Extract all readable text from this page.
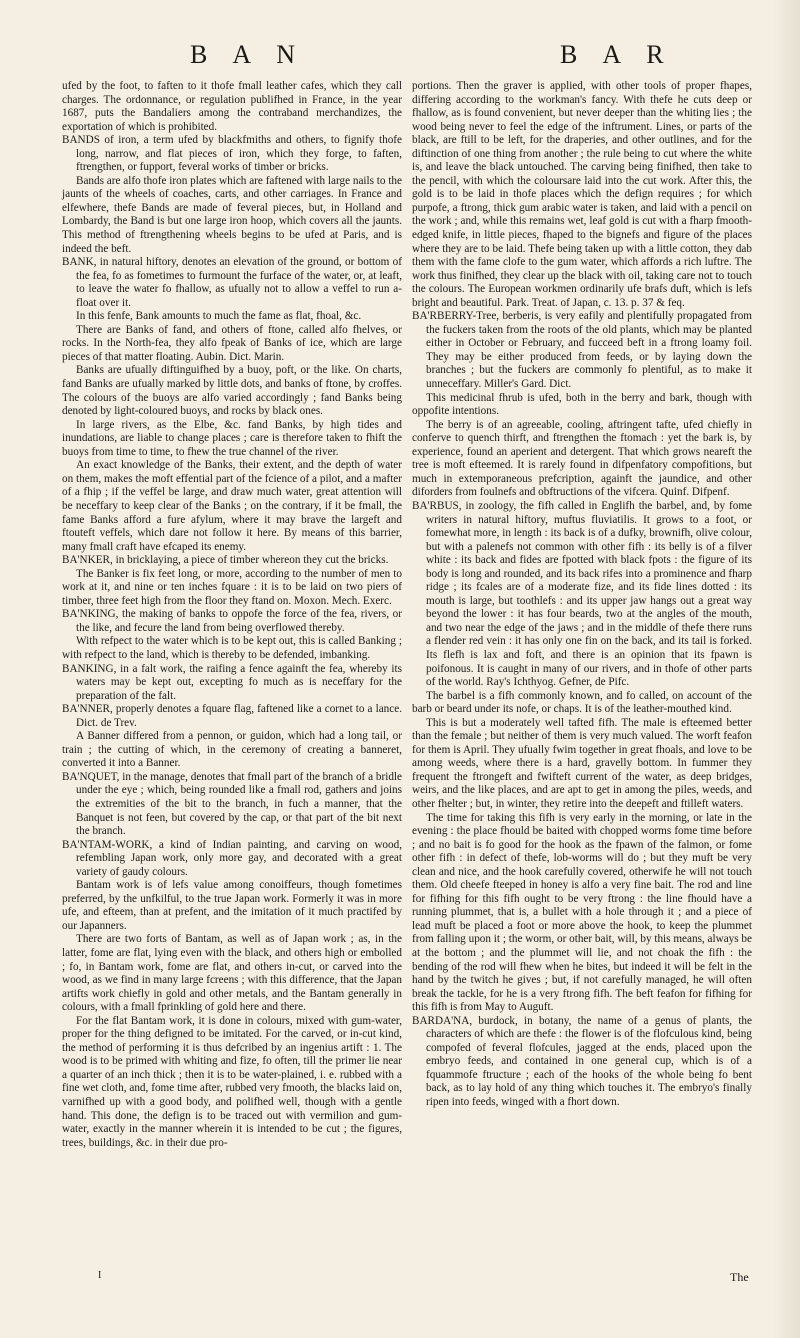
B A N	B A R

ufed by the foot, to faften to it thofe fmall leather cafes, which they call charges. The ordonnance, or regulation publifhed in France, in the year 1687, puts the Bandaliers among the contraband merchandizes, the exportation of which is prohibited.

BANDS of iron, a term ufed by blackfmiths and others, to fignify thofe long, narrow, and flat pieces of iron, which they forge, to faften, ftrengthen, or fupport, feveral works of timber or bricks.

Bands are alfo thofe iron plates which are faftened with large nails to the jaunts of the wheels of coaches, carts, and other carriages. In France and elfewhere, thefe Bands are made of feveral pieces, but, in Holland and Lombardy, the Band is but one large iron hoop, which covers all the jaunts. This method of ftrengthening wheels begins to be ufed at Paris, and is indeed the beft.

BANK, in natural hiftory, denotes an elevation of the ground, or bottom of the fea, fo as fometimes to furmount the furface of the water, or, at leaft, to leave the water fo fhallow, as ufually not to allow a veffel to run a-float over it.

In this fenfe, Bank amounts to much the fame as flat, fhoal, &c.

There are Banks of fand, and others of ftone, called alfo fhelves, or rocks. In the North-fea, they alfo fpeak of Banks of ice, which are large pieces of that matter floating. Aubin. Dict. Marin.

Banks are ufually diftinguifhed by a buoy, poft, or the like. On charts, fand Banks are ufually marked by little dots, and banks of ftone, by croffes. The colours of the buoys are alfo varied accordingly ; fand Banks being denoted by light-coloured buoys, and rocks by black ones.

In large rivers, as the Elbe, &c. fand Banks, by high tides and inundations, are liable to change places ; care is therefore taken to fhift the buoys from time to time, to fhew the true channel of the river.

An exact knowledge of the Banks, their extent, and the depth of water on them, makes the moft effential part of the fcience of a pilot, and a mafter of a fhip ; if the veffel be large, and draw much water, great attention will be neceffary to keep clear of the Banks ; on the contrary, if it be fmall, the fame Banks afford a fure afylum, where it may brave the largeft and ftouteft veffels, which dare not follow it here. By means of this barrier, many fmall craft have efcaped its enemy.

BA'NKER, in bricklaying, a piece of timber whereon they cut the bricks.

The Banker is fix feet long, or more, according to the number of men to work at it, and nine or ten inches fquare : it is to be laid on two piers of timber, three feet high from the floor they ftand on. Moxon. Mech. Exerc.

BA'NKING, the making of banks to oppofe the force of the fea, rivers, or the like, and fecure the land from being overflowed thereby.

With refpect to the water which is to be kept out, this is called Banking ; with refpect to the land, which is thereby to be defended, imbanking.

BANKING, in a falt work, the raifing a fence againft the fea, whereby its waters may be kept out, excepting fo much as is neceffary for the preparation of the falt.

BA'NNER, properly denotes a fquare flag, faftened like a cornet to a lance. Dict. de Trev.

A Banner differed from a pennon, or guidon, which had a long tail, or train ; the cutting of which, in the ceremony of creating a banneret, converted it into a Banner.

BA'NQUET, in the manage, denotes that fmall part of the branch of a bridle under the eye ; which, being rounded like a fmall rod, gathers and joins the extremities of the bit to the branch, in fuch a manner, that the Banquet is not feen, but covered by the cap, or that part of the bit next the branch.

BA'NTAM-WORK, a kind of Indian painting, and carving on wood, refembling Japan work, only more gay, and decorated with a great variety of gaudy colours.

Bantam work is of lefs value among conoiffeurs, though fometimes preferred, by the unfkilful, to the true Japan work. Formerly it was in more ufe, and efteem, than at prefent, and the imitation of it much practifed by our Japanners.

There are two forts of Bantam, as well as of Japan work ; as, in the latter, fome are flat, lying even with the black, and others high or embolled ; fo, in Bantam work, fome are flat, and others in-cut, or carved into the wood, as we find in many large fcreens ; with this difference, that the Japan artifts work chiefly in gold and other metals, and the Bantam generally in colours, with a fmall fprinkling of gold here and there.

For the flat Bantam work, it is done in colours, mixed with gum-water, proper for the thing defigned to be imitated. For the carved, or in-cut kind, the method of performing it is thus defcribed by an ingenius artift : 1. The wood is to be primed with whiting and fize, fo often, till the primer lie near a quarter of an inch thick ; then it is to be water-plained, i. e. rubbed with a fine wet cloth, and, fome time after, rubbed very fmooth, the blacks laid on, varnifhed up with a good body, and polifhed well, though with a gentle hand. This done, the defign is to be traced out with vermilion and gum-water, exactly in the manner wherein it is intended to be cut ; the figures, trees, buildings, &c. in their due pro-

portions. Then the graver is applied, with other tools of proper fhapes, differing according to the workman's fancy. With thefe he cuts deep or fhallow, as is found convenient, but never deeper than the whiting lies ; the wood being never to feel the edge of the inftrument. Lines, or parts of the black, are ftill to be left, for the draperies, and other outlines, and for the diftinction of one thing from another ; the rule being to cut where the white is, and leave the black untouched. The carving being finifhed, then take to the pencil, with which the coloursare laid into the cut work. After this, the gold is to be laid in thofe places which the defign requires ; for which purpofe, a ftrong, thick gum arabic water is taken, and laid with a pencil on the work ; and, while this remains wet, leaf gold is cut with a fharp fmooth-edged knife, in little pieces, fhaped to the bignefs and figure of the places where they are to be laid. Thefe being taken up with a little cotton, they dab them with the fame clofe to the gum water, which affords a rich luftre. The work thus finifhed, they clear up the black with oil, taking care not to touch the colours. The European workmen ordinarily ufe brafs duft, which is lefs bright and beautiful. Park. Treat. of Japan, c. 13. p. 37 & feq.

BA'RBERRY-Tree, berberis, is very eafily and plentifully propagated from the fuckers taken from the roots of the old plants, which may be planted either in October or February, and fucceed beft in a ftrong loamy foil. They may be either produced from feeds, or by laying down the branches ; but the fuckers are commonly fo plentiful, as to make it unneceffary. Miller's Gard. Dict.

This medicinal fhrub is ufed, both in the berry and bark, though with oppofite intentions.

The berry is of an agreeable, cooling, aftringent tafte, ufed chiefly in conferve to quench thirft, and ftrengthen the ftomach : yet the bark is, by experience, found an aperient and detergent. That which grows neareft the tree is moft efteemed. It is rarely found in difpenfatory compofitions, but much in extemporaneous prefcription, againft the jaundice, and other diforders from foulnefs and obftructions of the vifcera. Quinf. Difpenf.

BA'RBUS, in zoology, the fifh called in Englifh the barbel, and, by fome writers in natural hiftory, muftus fluviatilis. It grows to a foot, or fomewhat more, in length : its back is of a dufky, brownifh, olive colour, but with a palenefs not common with other fifh : its belly is of a filver white : its back and fides are fpotted with black fpots : the figure of its body is long and rounded, and its back rifes into a prominence and fharp ridge ; its fcales are of a moderate fize, and its fide lines dotted : its mouth is large, but toothlefs : and its upper jaw hangs out a great way beyond the lower : it has four beards, two at the angles of the mouth, and two near the edge of the jaws ; and in the middle of thefe there runs a flender red vein : it has only one fin on the back, and its tail is forked. Its flefh is lax and foft, and there is an opinion that its fpawn is poifonous. It is caught in many of our rivers, and in thofe of other parts of the world. Ray's Ichthyog. Gefner, de Pifc.

The barbel is a fifh commonly known, and fo called, on account of the barb or beard under its nofe, or chaps. It is of the leather-mouthed kind.

This is but a moderately well tafted fifh. The male is efteemed better than the female ; but neither of them is very much valued. The worft feafon for them is April. They ufually fwim together in great fhoals, and love to be among weeds, where there is a hard, gravelly bottom. In fummer they frequent the ftrongeft and fwifteft current of the water, as deep bridges, weirs, and the like places, and are apt to get in among the piles, weeds, and other fhelter ; but, in winter, they retire into the deepeft and ftilleft waters.

The time for taking this fifh is very early in the morning, or late in the evening : the place fhould be baited with chopped worms fome time before ; and no bait is fo good for the hook as the fpawn of the falmon, or fome other fifh : in defect of thefe, lob-worms will do ; but they muft be very clean and nice, and the hook carefully covered, otherwife he will not touch them. Old cheefe fteeped in honey is alfo a very fine bait. The rod and line for fifhing for this fifh ought to be very ftrong : the line fhould have a running plummet, that is, a bullet with a hole through it ; and a piece of lead muft be placed a foot or more above the hook, to keep the plummet from falling upon it ; the worm, or other bait, will, by this means, always be at the bottom ; and the plummet will lie, and not choak the fifh : the bending of the rod will fhew when he bites, but indeed it will be felt in the hand by the twitch he gives ; but, if not carefully managed, he will often break the tackle, for he is a very ftrong fifh. The beft feafon for fifhing for this fifh is from May to Auguft.

BARDA'NA, burdock, in botany, the name of a genus of plants, the characters of which are thefe : the flower is of the flofculous kind, being compofed of feveral flofcules, jagged at the ends, placed upon the embryo feeds, and contained in one general cup, which is of a fquammofe ftructure ; each of the hooks of the whole being fo bent back, as to lay hold of any thing which touches it. The embryo's finally ripen into feeds, winged with a fhort down.

I	The
